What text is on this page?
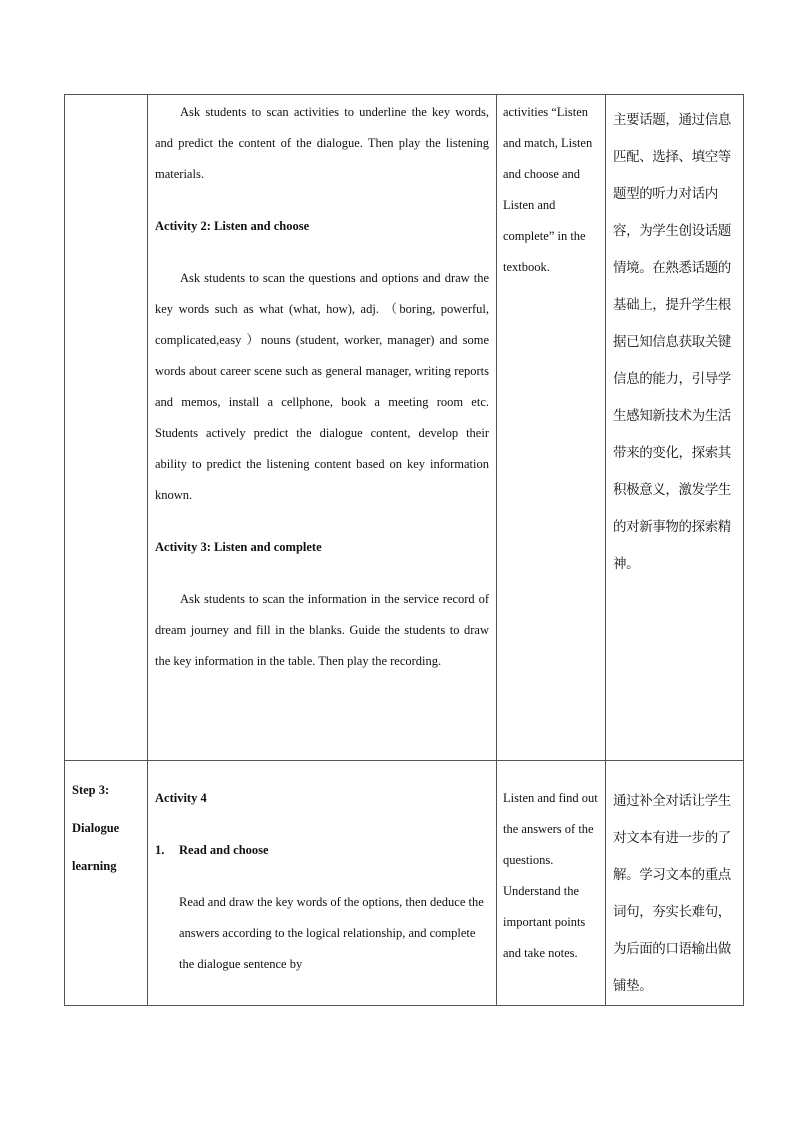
	Ask students to scan activities to underline the key words, and predict the content of the dialogue. Then play the listening materials.

Activity 2: Listen and choose

Ask students to scan the questions and options and draw the key words such as what (what, how), adj. （boring, powerful, complicated,easy ）nouns (student, worker, manager) and some words about career scene such as general manager, writing reports and memos, install a cellphone, book a meeting room etc. Students actively predict the dialogue content, develop their ability to predict the listening content based on key information known.

Activity 3: Listen and complete

Ask students to scan the information in the service record of dream journey and fill in the blanks. Guide the students to draw the key information in the table. Then play the recording.	activities “Listen and match, Listen and choose and Listen and complete” in the textbook.	主要话题，通过信息匹配、选择、填空等题型的听力对话内容，为学生创设话题情境。在熟悉话题的基础上，提升学生根据已知信息获取关键信息的能力，引导学生感知新技术为生活带来的变化，探索其积极意义，激发学生的对新事物的探索精神。

Step 3: Dialogue learning	Activity 4

1. Read and choose

Read and draw the key words of the options, then deduce the answers according to the logical relationship, and complete the dialogue sentence by	Listen and find out the answers of the questions. Understand the important points and take notes.	通过补全对话让学生对文本有进一步的了解。学习文本的重点词句，夯实长难句，为后面的口语输出做铺垫。
